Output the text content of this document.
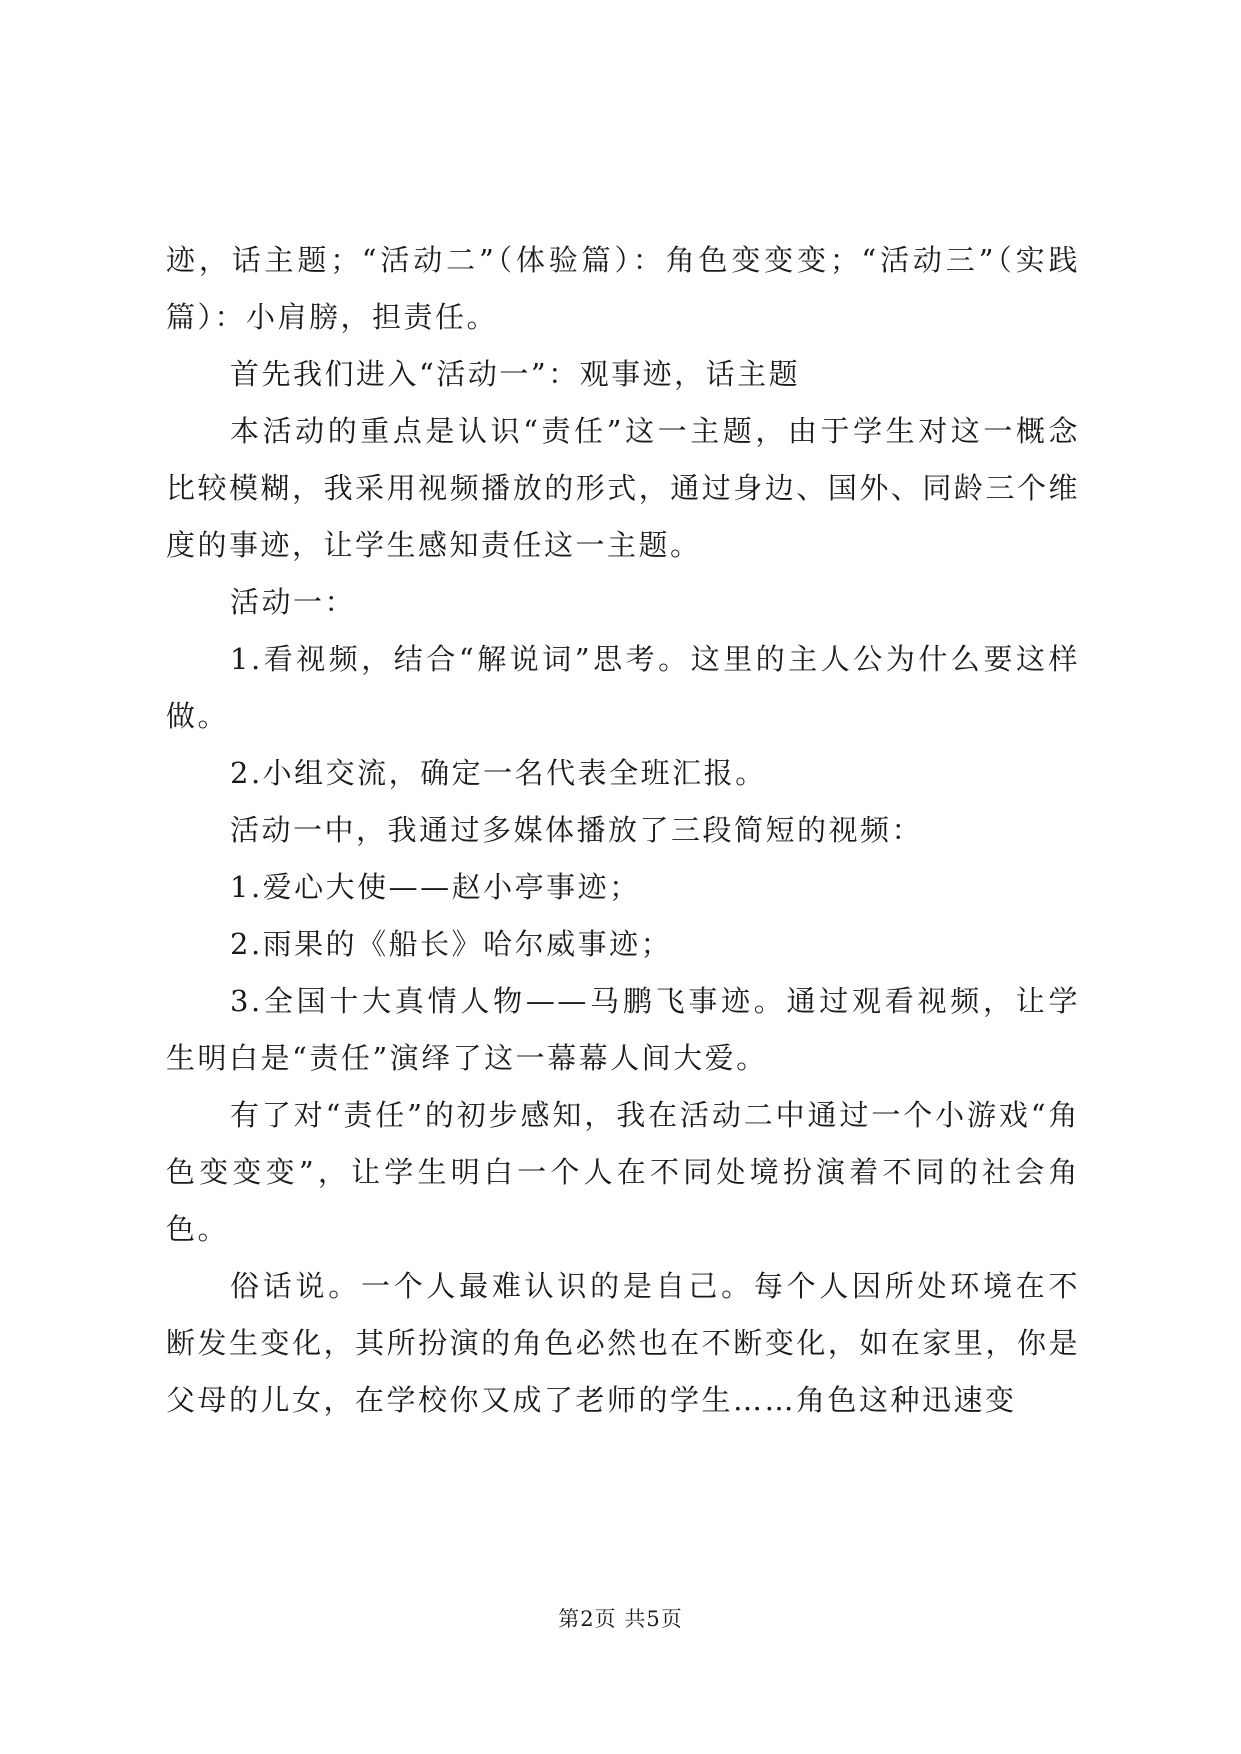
迹，话主题；“活动二”（体验篇）：角色变变变；“活动三”（实践篇）：小肩膀，担责任。

首先我们进入“活动一”：观事迹，话主题

本活动的重点是认识“责任”这一主题，由于学生对这一概念比较模糊，我采用视频播放的形式，通过身边、国外、同龄三个维度的事迹，让学生感知责任这一主题。

活动一：

1.看视频，结合“解说词”思考。这里的主人公为什么要这样做。

2.小组交流，确定一名代表全班汇报。

活动一中，我通过多媒体播放了三段简短的视频：

1.爱心大使——赵小亭事迹；

2.雨果的《船长》哈尔威事迹；

3.全国十大真情人物——马鹏飞事迹。通过观看视频，让学生明白是“责任”演绎了这一幕幕人间大爱。

有了对“责任”的初步感知，我在活动二中通过一个小游戏“角色变变变”，让学生明白一个人在不同处境扮演着不同的社会角色。

俗话说。一个人最难认识的是自己。每个人因所处环境在不断发生变化，其所扮演的角色必然也在不断变化，如在家里，你是父母的儿女，在学校你又成了老师的学生……角色这种迅速变

第2页 共5页
